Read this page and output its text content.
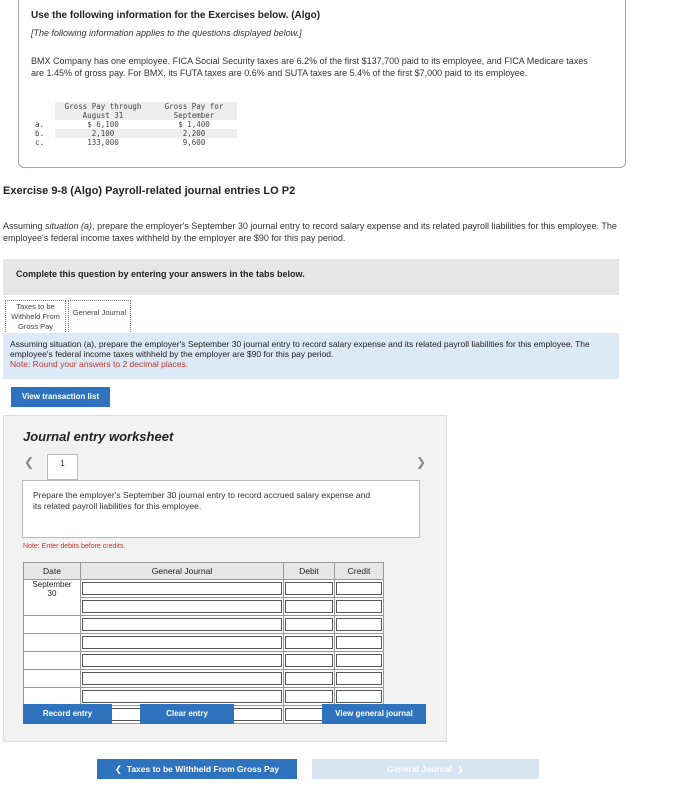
Use the following information for the Exercises below. (Algo)
[The following information applies to the questions displayed below.]
BMX Company has one employee. FICA Social Security taxes are 6.2% of the first $137,700 paid to its employee, and FICA Medicare taxes are 1.45% of gross pay. For BMX, its FUTA taxes are 0.6% and SUTA taxes are 5.4% of the first $7,000 paid to its employee.
	Gross Pay through August 31	Gross Pay for September
a.	$ 6,100	$ 1,400
b.	2,100	2,200
c.	133,000	9,600
Exercise 9-8 (Algo) Payroll-related journal entries LO P2
Assuming situation (a), prepare the employer's September 30 journal entry to record salary expense and its related payroll liabilities for this employee. The employee's federal income taxes withheld by the employer are $90 for this pay period.
Complete this question by entering your answers in the tabs below.
Taxes to be Withheld From Gross Pay
General Journal
Assuming situation (a), prepare the employer's September 30 journal entry to record salary expense and its related payroll liabilities for this employee. The employee's federal income taxes withheld by the employer are $90 for this pay period.
Note: Round your answers to 2 decimal places.
View transaction list
Journal entry worksheet
❮	1	❯
Prepare the employer's September 30 journal entry to record accrued salary expense and its related payroll liabilities for this employee.
Note: Enter debits before credits.
Date	General Journal	Debit	Credit

September
30			

Record entry	Clear entry	View general journal
❮ Taxes to be Withheld From Gross Pay	General Journal ❯
